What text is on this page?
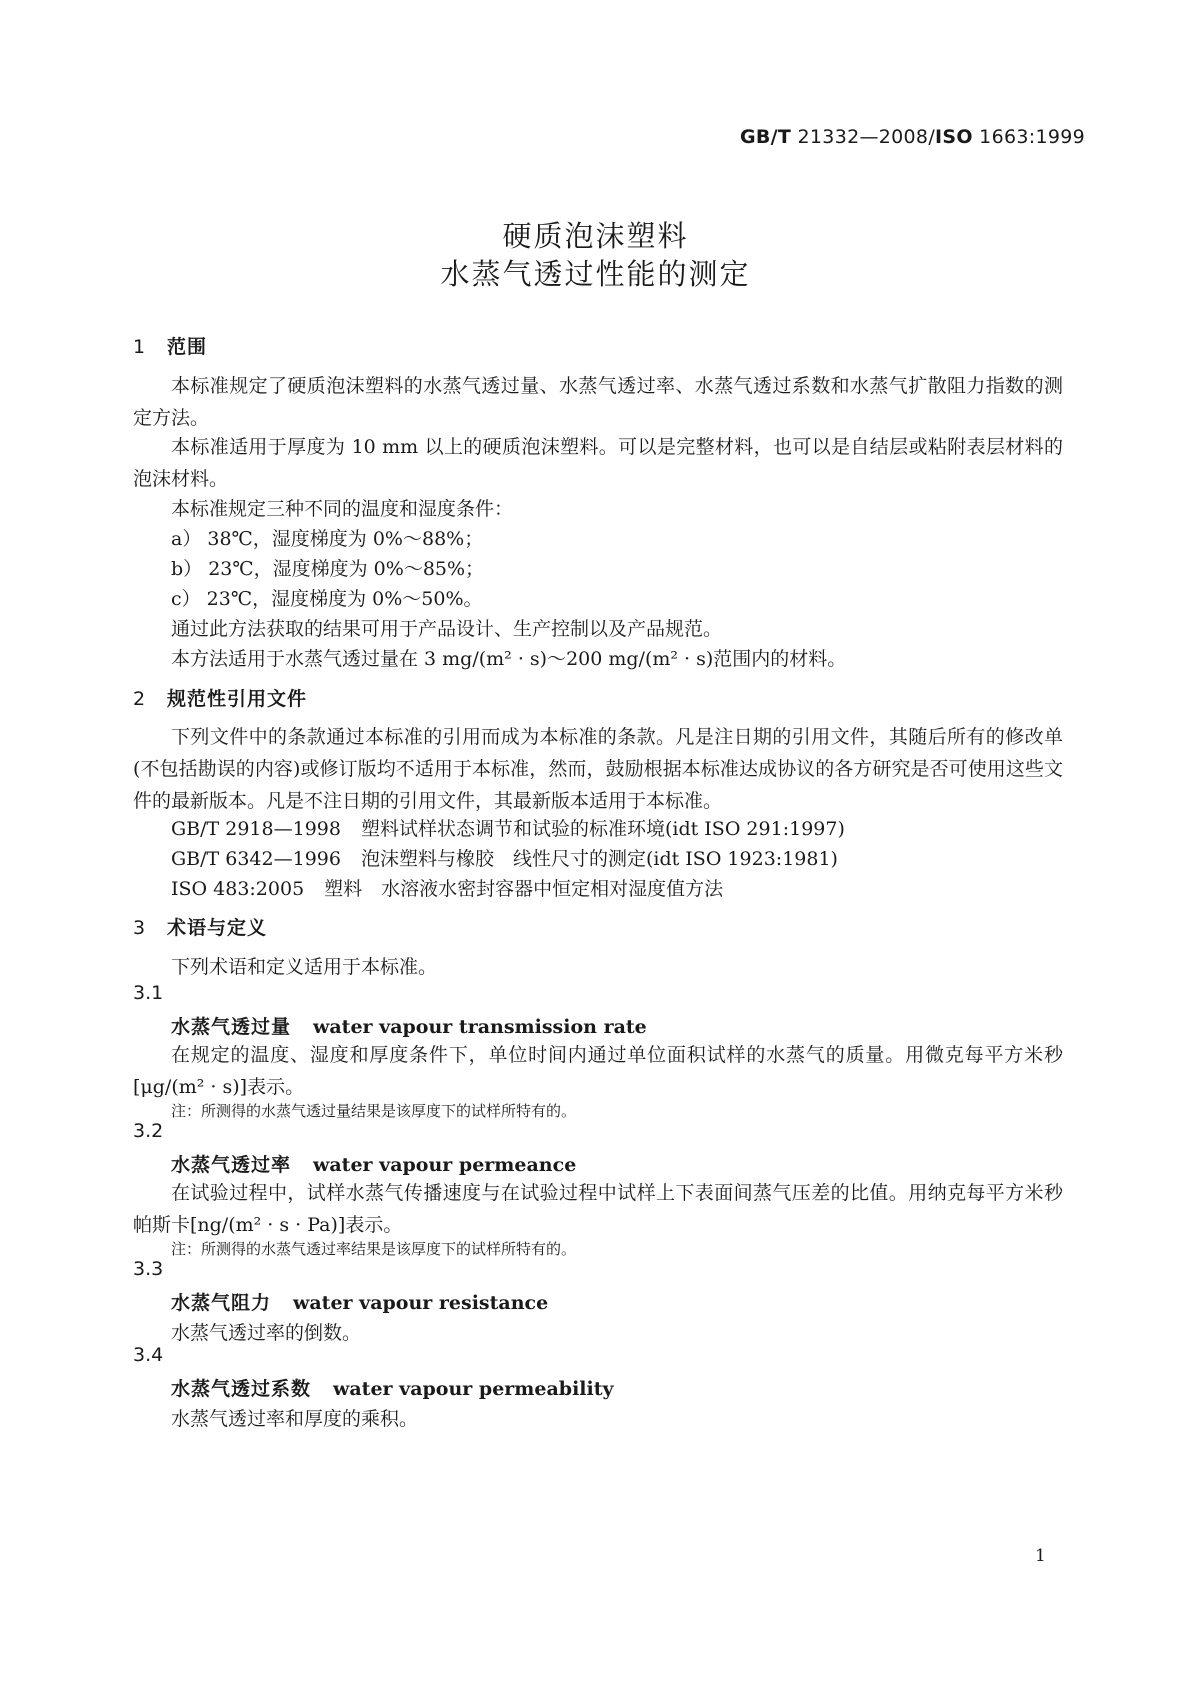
GB/T 21332—2008/ISO 1663:1999
硬质泡沫塑料
水蒸气透过性能的测定
1 范围
本标准规定了硬质泡沫塑料的水蒸气透过量、水蒸气透过率、水蒸气透过系数和水蒸气扩散阻力指数的测定方法。
本标准适用于厚度为 10 mm 以上的硬质泡沫塑料。可以是完整材料，也可以是自结层或粘附表层材料的泡沫材料。
本标准规定三种不同的温度和湿度条件：
a） 38℃，湿度梯度为 0%～88%；
b） 23℃，湿度梯度为 0%～85%；
c） 23℃，湿度梯度为 0%～50%。
通过此方法获取的结果可用于产品设计、生产控制以及产品规范。
本方法适用于水蒸气透过量在 3 mg/(m² · s)～200 mg/(m² · s)范围内的材料。
2 规范性引用文件
下列文件中的条款通过本标准的引用而成为本标准的条款。凡是注日期的引用文件，其随后所有的修改单(不包括勘误的内容)或修订版均不适用于本标准，然而，鼓励根据本标准达成协议的各方研究是否可使用这些文件的最新版本。凡是不注日期的引用文件，其最新版本适用于本标准。
GB/T 2918—1998 塑料试样状态调节和试验的标准环境(idt ISO 291:1997)
GB/T 6342—1996 泡沫塑料与橡胶　线性尺寸的测定(idt ISO 1923:1981)
ISO 483:2005 塑料　水溶液水密封容器中恒定相对湿度值方法
3 术语与定义
下列术语和定义适用于本标准。
3.1
水蒸气透过量 water vapour transmission rate
在规定的温度、湿度和厚度条件下，单位时间内通过单位面积试样的水蒸气的质量。用微克每平方米秒[μg/(m² · s)]表示。
注：所测得的水蒸气透过量结果是该厚度下的试样所特有的。
3.2
水蒸气透过率 water vapour permeance
在试验过程中，试样水蒸气传播速度与在试验过程中试样上下表面间蒸气压差的比值。用纳克每平方米秒帕斯卡[ng/(m² · s · Pa)]表示。
注：所测得的水蒸气透过率结果是该厚度下的试样所特有的。
3.3
水蒸气阻力 water vapour resistance
水蒸气透过率的倒数。
3.4
水蒸气透过系数 water vapour permeability
水蒸气透过率和厚度的乘积。
1
